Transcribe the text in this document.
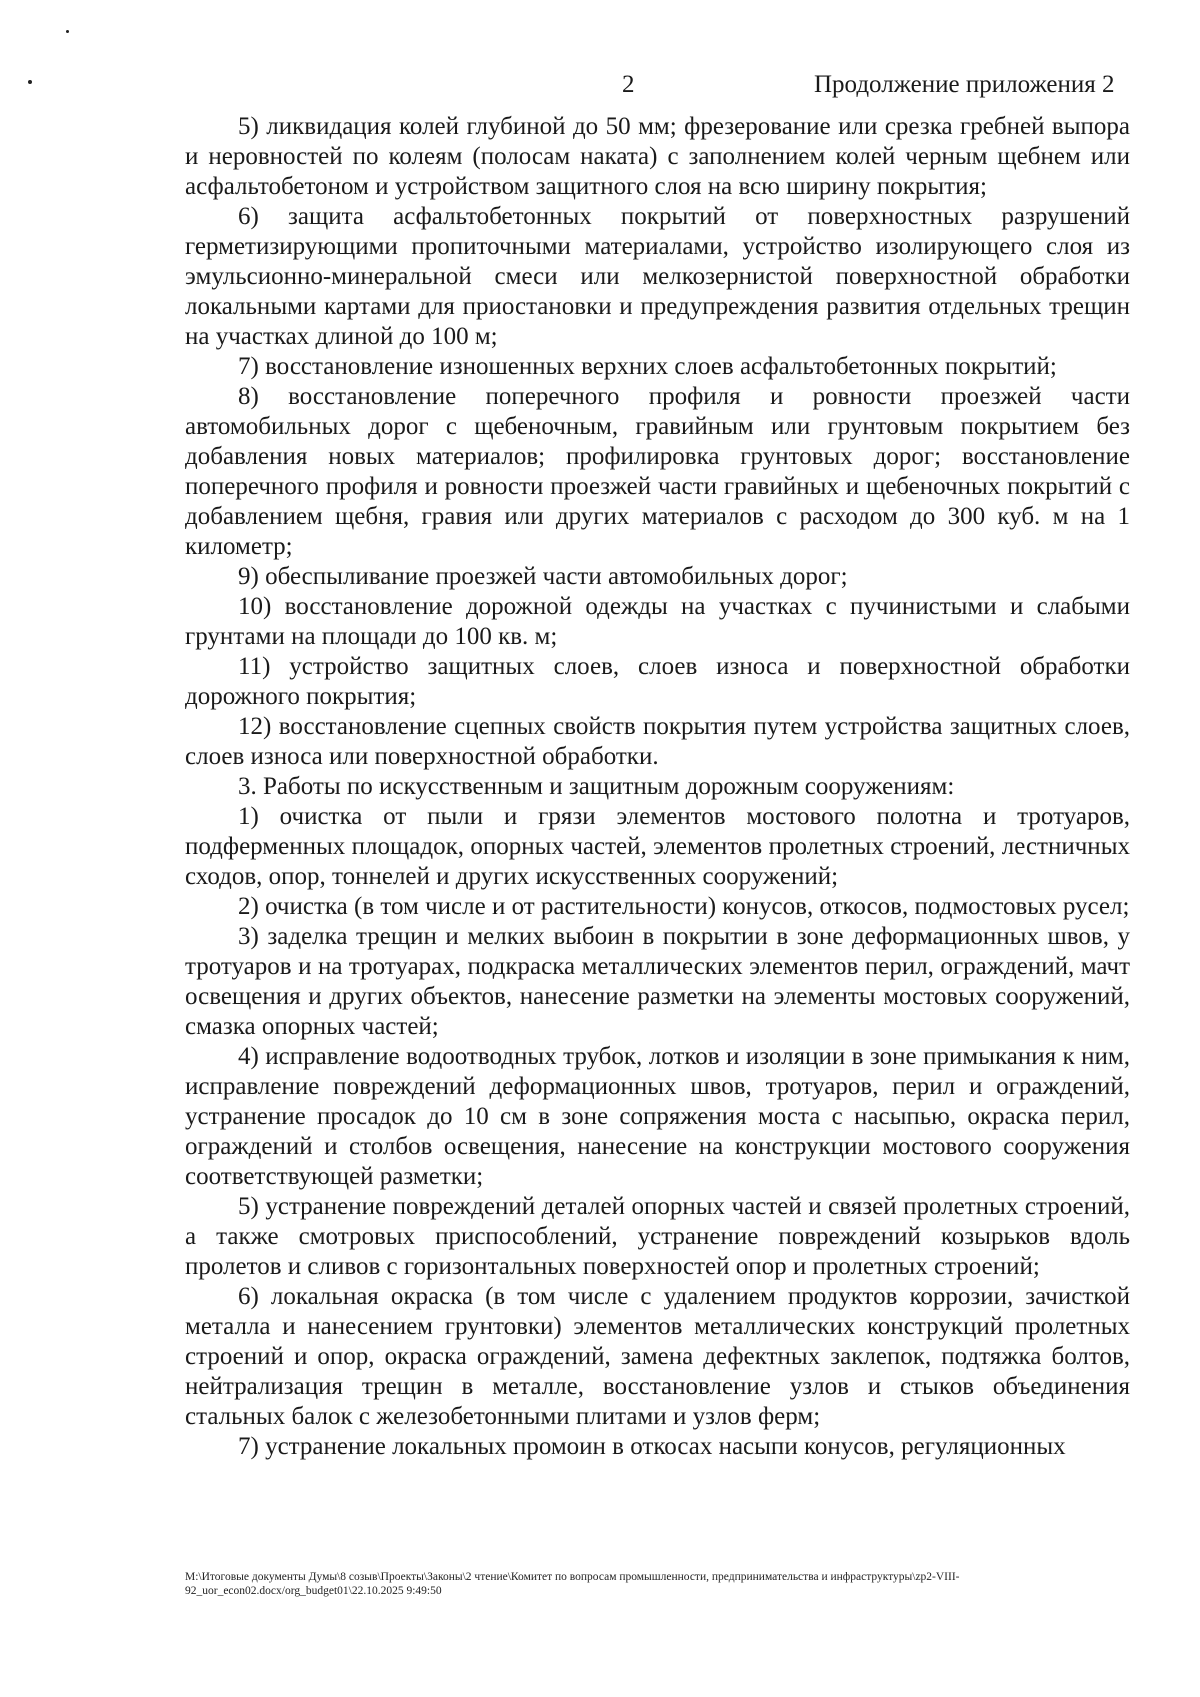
2	Продолжение приложения 2

5) ликвидация колей глубиной до 50 мм; фрезерование или срезка гребней выпора и неровностей по колеям (полосам наката) с заполнением колей черным щебнем или асфальтобетоном и устройством защитного слоя на всю ширину покрытия;

6) защита асфальтобетонных покрытий от поверхностных разрушений герметизирующими пропиточными материалами, устройство изолирующего слоя из эмульсионно-минеральной смеси или мелкозернистой поверхностной обработки локальными картами для приостановки и предупреждения развития отдельных трещин на участках длиной до 100 м;

7) восстановление изношенных верхних слоев асфальтобетонных покрытий;

8) восстановление поперечного профиля и ровности проезжей части автомобильных дорог с щебеночным, гравийным или грунтовым покрытием без добавления новых материалов; профилировка грунтовых дорог; восстановление поперечного профиля и ровности проезжей части гравийных и щебеночных покрытий с добавлением щебня, гравия или других материалов с расходом до 300 куб. м на 1 километр;

9) обеспыливание проезжей части автомобильных дорог;

10) восстановление дорожной одежды на участках с пучинистыми и слабыми грунтами на площади до 100 кв. м;

11) устройство защитных слоев, слоев износа и поверхностной обработки дорожного покрытия;

12) восстановление сцепных свойств покрытия путем устройства защитных слоев, слоев износа или поверхностной обработки.

3. Работы по искусственным и защитным дорожным сооружениям:

1) очистка от пыли и грязи элементов мостового полотна и тротуаров, подферменных площадок, опорных частей, элементов пролетных строений, лестничных сходов, опор, тоннелей и других искусственных сооружений;

2) очистка (в том числе и от растительности) конусов, откосов, подмостовых русел;

3) заделка трещин и мелких выбоин в покрытии в зоне деформационных швов, у тротуаров и на тротуарах, подкраска металлических элементов перил, ограждений, мачт освещения и других объектов, нанесение разметки на элементы мостовых сооружений, смазка опорных частей;

4) исправление водоотводных трубок, лотков и изоляции в зоне примыкания к ним, исправление повреждений деформационных швов, тротуаров, перил и ограждений, устранение просадок до 10 см в зоне сопряжения моста с насыпью, окраска перил, ограждений и столбов освещения, нанесение на конструкции мостового сооружения соответствующей разметки;

5) устранение повреждений деталей опорных частей и связей пролетных строений, а также смотровых приспособлений, устранение повреждений козырьков вдоль пролетов и сливов с горизонтальных поверхностей опор и пролетных строений;

6) локальная окраска (в том числе с удалением продуктов коррозии, зачисткой металла и нанесением грунтовки) элементов металлических конструкций пролетных строений и опор, окраска ограждений, замена дефектных заклепок, подтяжка болтов, нейтрализация трещин в металле, восстановление узлов и стыков объединения стальных балок с железобетонными плитами и узлов ферм;

7) устранение локальных промоин в откосах насыпи конусов, регуляционных

M:\Итоговые документы Думы\8 созыв\Проекты\Законы\2 чтение\Комитет по вопросам промышленности, предпринимательства и инфраструктуры\zp2-VIII-92_uor_econ02.docx/org_budget01\22.10.2025 9:49:50
